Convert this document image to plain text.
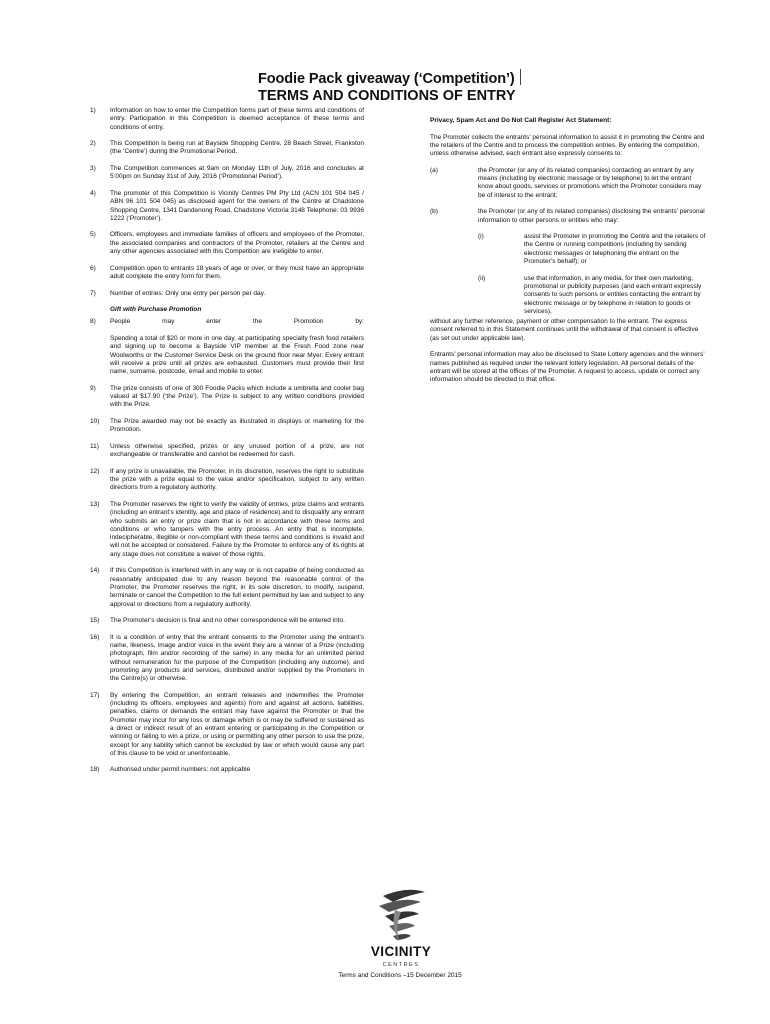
Foodie Pack giveaway (‘Competition’)
TERMS AND CONDITIONS OF ENTRY
1)	Information on how to enter the Competition forms part of these terms and conditions of entry. Participation in this Competition is deemed acceptance of these terms and conditions of entry.
2)	This Competition is being run at Bayside Shopping Centre, 28 Beach Street, Frankston (the ‘Centre’) during the Promotional Period.
3)	The Competition commences at 9am on Monday 11th of July, 2016 and concludes at 5:00pm on Sunday 31st of July, 2016 (‘Promotional Period’).
4)	The promoter of this Competition is Vicinity Centres PM Pty Ltd (ACN 101 504 045 / ABN 96 101 504 045) as disclosed agent for the owners of the Centre at Chadstone Shopping Centre, 1341 Dandenong Road, Chadstone Victoria 3148 Telephone: 03 9936 1222 (‘Promoter’).
5)	Officers, employees and immediate families of officers and employees of the Promoter, the associated companies and contractors of the Promoter, retailers at the Centre and any other agencies associated with this Competition are ineligible to enter.
6)	Competition open to entrants 18 years of age or over, or they must have an appropriate adult complete the entry form for them.
7)	Number of entries: Only one entry per person per day.
Gift with Purchase Promotion
8)	People may enter the Promotion by:
Spending a total of $20 or more in one day, at participating specialty fresh food retailers and signing up to become a Bayside VIP member at the Fresh Food zone near Woolworths or the Customer Service Desk on the ground floor near Myer. Every entrant will receive a prize until all prizes are exhausted. Customers must provide their first name, surname, postcode, email and mobile to enter.
9)	The prize consists of one of 300 Foodie Packs which include a umbrella and cooler bag valued at $17.90 (‘the Prize’). The Prize is subject to any written conditions provided with the Prize.
10)	The Prize awarded may not be exactly as illustrated in displays or marketing for the Promotion.
11)	Unless otherwise specified, prizes or any unused portion of a prize, are not exchangeable or transferable and cannot be redeemed for cash.
12)	If any prize is unavailable, the Promoter, in its discretion, reserves the right to substitute the prize with a prize equal to the value and/or specification, subject to any written directions from a regulatory authority.
13)	The Promoter reserves the right to verify the validity of entries, prize claims and entrants (including an entrant’s identity, age and place of residence) and to disqualify any entrant who submits an entry or prize claim that is not in accordance with these terms and conditions or who tampers with the entry process. An entry that is incomplete, indecipherable, illegible or non-compliant with these terms and conditions is invalid and will not be accepted or considered. Failure by the Promoter to enforce any of its rights at any stage does not constitute a waiver of those rights.
14)	If this Competition is interfered with in any way or is not capable of being conducted as reasonably anticipated due to any reason beyond the reasonable control of the Promoter, the Promoter reserves the right, in its sole discretion, to modify, suspend, terminate or cancel the Competition to the full extent permitted by law and subject to any approval or directions from a regulatory authority.
15)	The Promoter’s decision is final and no other correspondence will be entered into.
16)	It is a condition of entry that the entrant consents to the Promoter using the entrant’s name, likeness, image and/or voice in the event they are a winner of a Prize (including photograph, film and/or recording of the same) in any media for an unlimited period without remuneration for the purpose of the Competition (including any outcome), and promoting any products and services, distributed and/or supplied by the Promoters in the Centre(s) or otherwise.
17)	By entering the Competition, an entrant releases and indemnifies the Promoter (including its officers, employees and agents) from and against all actions, liabilities, penalties, claims or demands the entrant may have against the Promoter or that the Promoter may incur for any loss or damage which is or may be suffered or sustained as a direct or indirect result of an entrant entering or participating in the Competition or winning or failing to win a prize, or using or permitting any other person to use the prize, except for any liability which cannot be excluded by law or which would cause any part of this clause to be void or unenforceable.
18)	Authorised under permit numbers: not applicable
Privacy, Spam Act and Do Not Call Register Act Statement:

The Promoter collects the entrants’ personal information to assist it in promoting the Centre and the retailers of the Centre and to process the competition entries. By entering the competition, unless otherwise advised, each entrant also expressly consents to:

(a)	the Promoter (or any of its related companies) contacting an entrant by any means (including by electronic message or by telephone) to let the entrant know about goods, services or promotions which the Promoter considers may be of interest to the entrant;
(b)	the Promoter (or any of its related companies) disclosing the entrants’ personal information to other persons or entities who may:
(i)	assist the Promoter in promoting the Centre and the retailers of the Centre or running competitions (including by sending electronic messages or telephoning the entrant on the Promoter’s behalf); or
(ii)	use that information, in any media, for their own marketing, promotional or publicity purposes (and each entrant expressly consents to such persons or entities contacting the entrant by electronic message or by telephone in relation to goods or services),

without any further reference, payment or other compensation to the entrant. The express consent referred to in this Statement continues until the withdrawal of that consent is effective (as set out under applicable law).

Entrants’ personal information may also be disclosed to State Lottery agencies and the winners’ names published as required under the relevant lottery legislation. All personal details of the entrant will be stored at the offices of the Promoter. A request to access, update or correct any information should be directed to that office.

VICINITY
CENTRES
Terms and Conditions –15 December 2015
